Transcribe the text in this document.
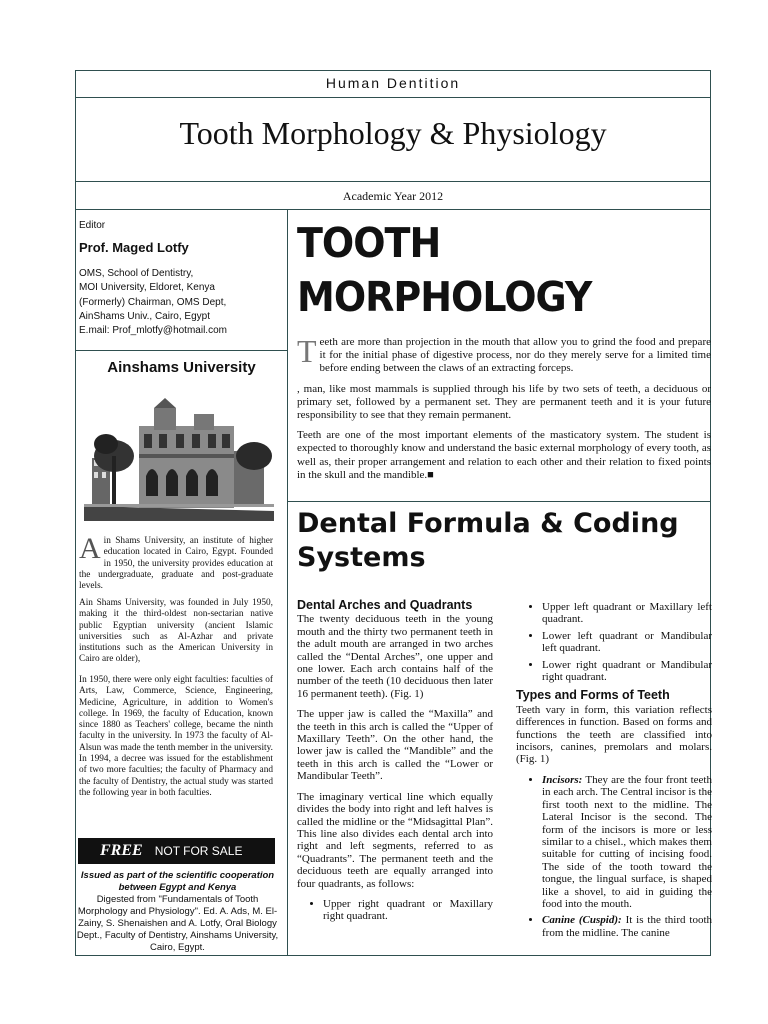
Human Dentition
Tooth Morphology & Physiology
Academic Year 2012
Editor
Prof. Maged Lotfy
OMS, School of Dentistry,
MOI University, Eldoret, Kenya
(Formerly) Chairman, OMS Dept,
AinShams Univ., Cairo, Egypt
E.mail: Prof_mlotfy@hotmail.com
Ainshams University
Ain Shams University, an institute of higher education located in Cairo, Egypt. Founded in 1950, the university provides education at the undergraduate, graduate and post-graduate levels.
Ain Shams University, was founded in July 1950, making it the third-oldest non-sectarian native public Egyptian university (ancient Islamic universities such as Al-Azhar and private institutions such as the American University in Cairo are older),
In 1950, there were only eight faculties: faculties of Arts, Law, Commerce, Science, Engineering, Medicine, Agriculture, in addition to Women's college. In 1969, the faculty of Education, known since 1880 as Teachers' college, became the ninth faculty in the university. In 1973 the faculty of Al-Alsun was made the tenth member in the university. In 1994, a decree was issued for the establishment of two more faculties; the faculty of Pharmacy and the faculty of Dentistry, the actual study was started the following year in both faculties.
FREE NOT FOR SALE
Issued as part of the scientific cooperation between Egypt and Kenya
Digested from "Fundamentals of Tooth Morphology and Physiology". Ed. A. Ads, M. El-Zainy, S. Shenaishen and A. Lotfy, Oral Biology Dept., Faculty of Dentistry, Ainshams University, Cairo, Egypt.
TOOTH
MORPHOLOGY

Teeth are more than projection in the mouth that allow you to grind the food and prepare it for the initial phase of digestive process, nor do they merely serve for a limited time before ending between the claws of an extracting forceps.

, man, like most mammals is supplied through his life by two sets of teeth, a deciduous or primary set, followed by a permanent set. They are permanent teeth and it is your future responsibility to see that they remain permanent.

Teeth are one of the most important elements of the masticatory system. The student is expected to thoroughly know and understand the basic external morphology of every tooth, as well as, their proper arrangement and relation to each other and their relation to fixed points in the skull and the mandible.■

Dental Formula & Coding Systems
Dental Arches and Quadrants

The twenty deciduous teeth in the young mouth and the thirty two permanent teeth in the adult mouth are arranged in two arches called the “Dental Arches”, one upper and one lower. Each arch contains half of the number of the teeth (10 deciduous then later 16 permanent teeth). (Fig. 1)

The upper jaw is called the “Maxilla” and the teeth in this arch is called the “Upper of Maxillary Teeth”. On the other hand, the lower jaw is called the “Mandible” and the teeth in this arch is called the “Lower or Mandibular Teeth”.

The imaginary vertical line which equally divides the body into right and left halves is called the midline or the “Midsagittal Plan”. This line also divides each dental arch into right and left segments, referred to as “Quadrants”. The permanent teeth and the deciduous teeth are equally arranged into four quadrants, as follows:

• Upper right quadrant or Maxillary right quadrant.
• Upper left quadrant or Maxillary left quadrant.
• Lower left quadrant or Mandibular left quadrant.
• Lower right quadrant or Mandibular right quadrant.
Types and Forms of Teeth

Teeth vary in form, this variation reflects differences in function. Based on forms and functions the teeth are classified into incisors, canines, premolars and molars. (Fig. 1)

• Incisors: They are the four front teeth in each arch. The Central incisor is the first tooth next to the midline. The Lateral Incisor is the second. The form of the incisors is more or less similar to a chisel., which makes them suitable for cutting of incising food. The side of the tooth toward the tongue, the lingual surface, is shaped like a shovel, to aid in guiding the food into the mouth.
• Canine (Cuspid): It is the third tooth from the midline. The canine
